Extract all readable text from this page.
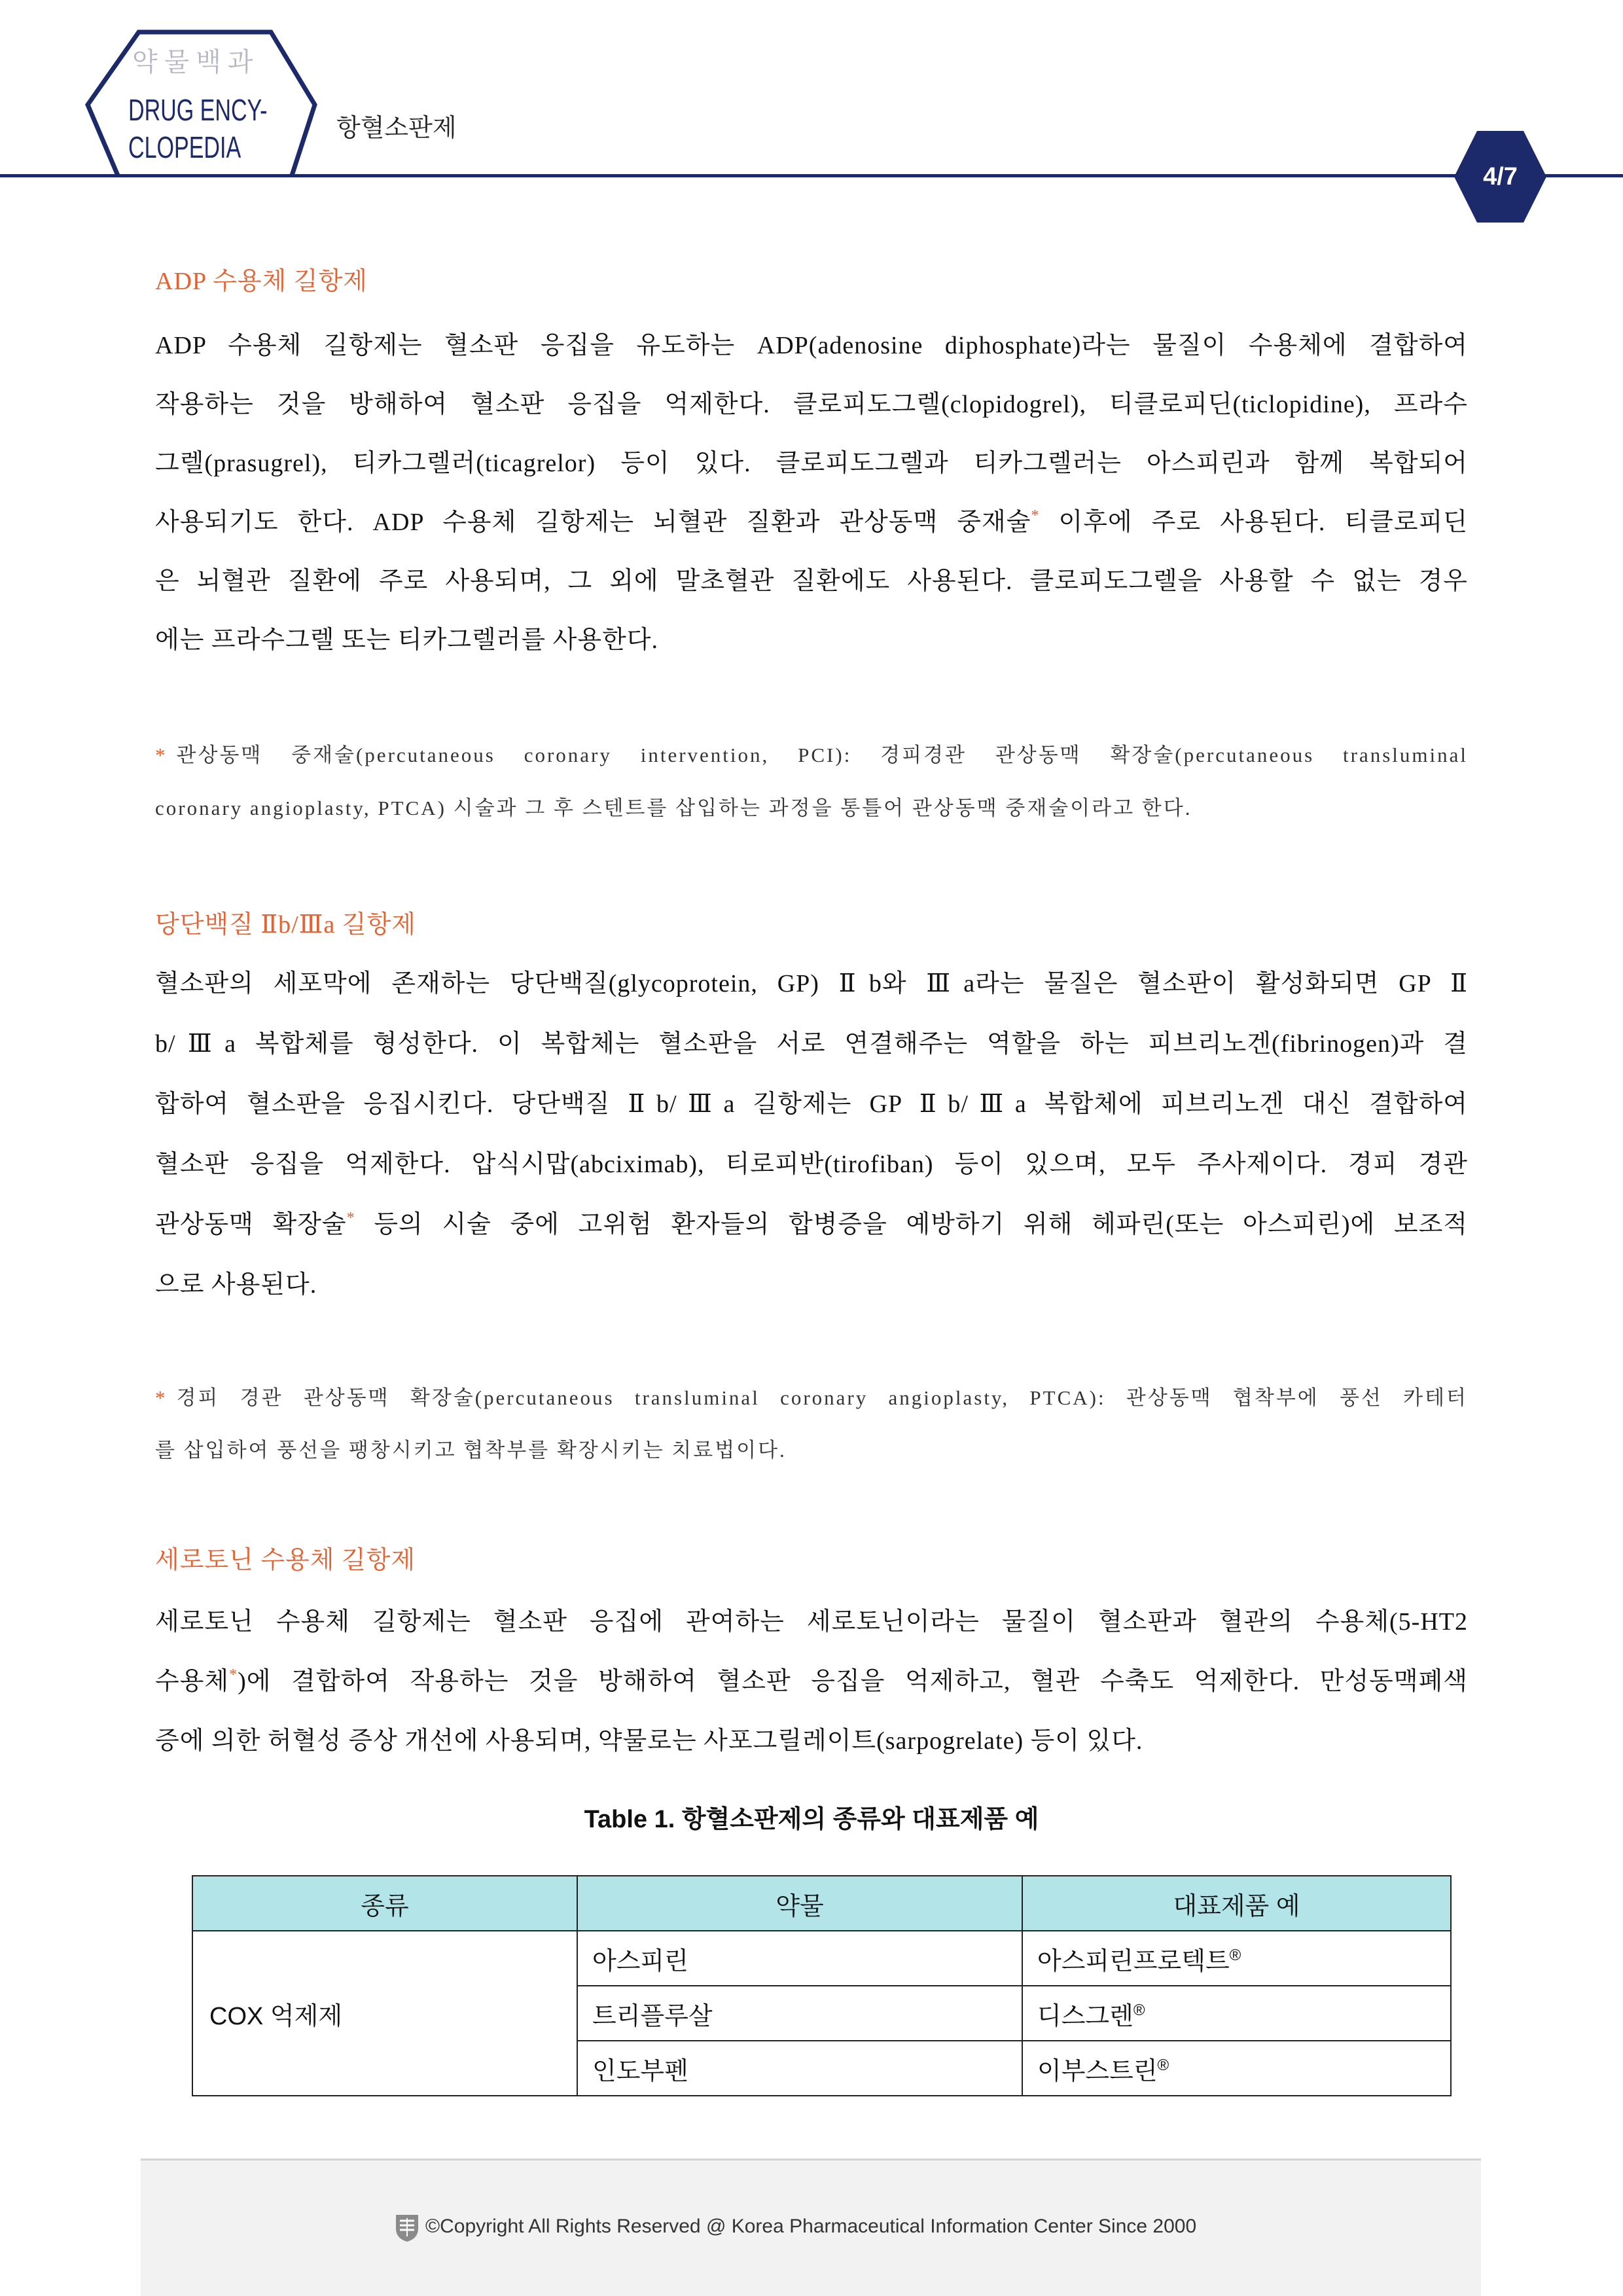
약물백과
DRUG ENCY-
CLOPEDIA
항혈소판제
4/7
ADP 수용체 길항제
ADP 수용체 길항제는 혈소판 응집을 유도하는 ADP(adenosine diphosphate)라는 물질이 수용체에 결합하여
작용하는 것을 방해하여 혈소판 응집을 억제한다. 클로피도그렐(clopidogrel), 티클로피딘(ticlopidine), 프라수
그렐(prasugrel), 티카그렐러(ticagrelor) 등이 있다. 클로피도그렐과 티카그렐러는 아스피린과 함께 복합되어
사용되기도 한다. ADP 수용체 길항제는 뇌혈관 질환과 관상동맥 중재술* 이후에 주로 사용된다. 티클로피딘
은 뇌혈관 질환에 주로 사용되며, 그 외에 말초혈관 질환에도 사용된다. 클로피도그렐을 사용할 수 없는 경우
에는 프라수그렐 또는 티카그렐러를 사용한다.
* 관상동맥 중재술(percutaneous coronary intervention, PCI): 경피경관 관상동맥 확장술(percutaneous transluminal
coronary angioplasty, PTCA) 시술과 그 후 스텐트를 삽입하는 과정을 통틀어 관상동맥 중재술이라고 한다.
당단백질 Ⅱb/Ⅲa 길항제
혈소판의 세포막에 존재하는 당단백질(glycoprotein, GP) Ⅱb와 Ⅲa라는 물질은 혈소판이 활성화되면 GP Ⅱ
b/Ⅲa 복합체를 형성한다. 이 복합체는 혈소판을 서로 연결해주는 역할을 하는 피브리노겐(fibrinogen)과 결
합하여 혈소판을 응집시킨다. 당단백질 Ⅱb/Ⅲa 길항제는 GP Ⅱb/Ⅲa 복합체에 피브리노겐 대신 결합하여
혈소판 응집을 억제한다. 압식시맙(abciximab), 티로피반(tirofiban) 등이 있으며, 모두 주사제이다. 경피 경관
관상동맥 확장술* 등의 시술 중에 고위험 환자들의 합병증을 예방하기 위해 헤파린(또는 아스피린)에 보조적
으로 사용된다.
* 경피 경관 관상동맥 확장술(percutaneous transluminal coronary angioplasty, PTCA): 관상동맥 협착부에 풍선 카테터
를 삽입하여 풍선을 팽창시키고 협착부를 확장시키는 치료법이다.
세로토닌 수용체 길항제
세로토닌 수용체 길항제는 혈소판 응집에 관여하는 세로토닌이라는 물질이 혈소판과 혈관의 수용체(5-HT2
수용체*)에 결합하여 작용하는 것을 방해하여 혈소판 응집을 억제하고, 혈관 수축도 억제한다. 만성동맥폐색
증에 의한 허혈성 증상 개선에 사용되며, 약물로는 사포그릴레이트(sarpogrelate) 등이 있다.
Table 1. 항혈소판제의 종류와 대표제품 예
종류	약물	대표제품 예
COX 억제제	아스피린	아스피린프로텍트®
	트리플루살	디스그렌®
	인도부펜	이부스트린®
©Copyright All Rights Reserved @ Korea Pharmaceutical Information Center Since 2000
